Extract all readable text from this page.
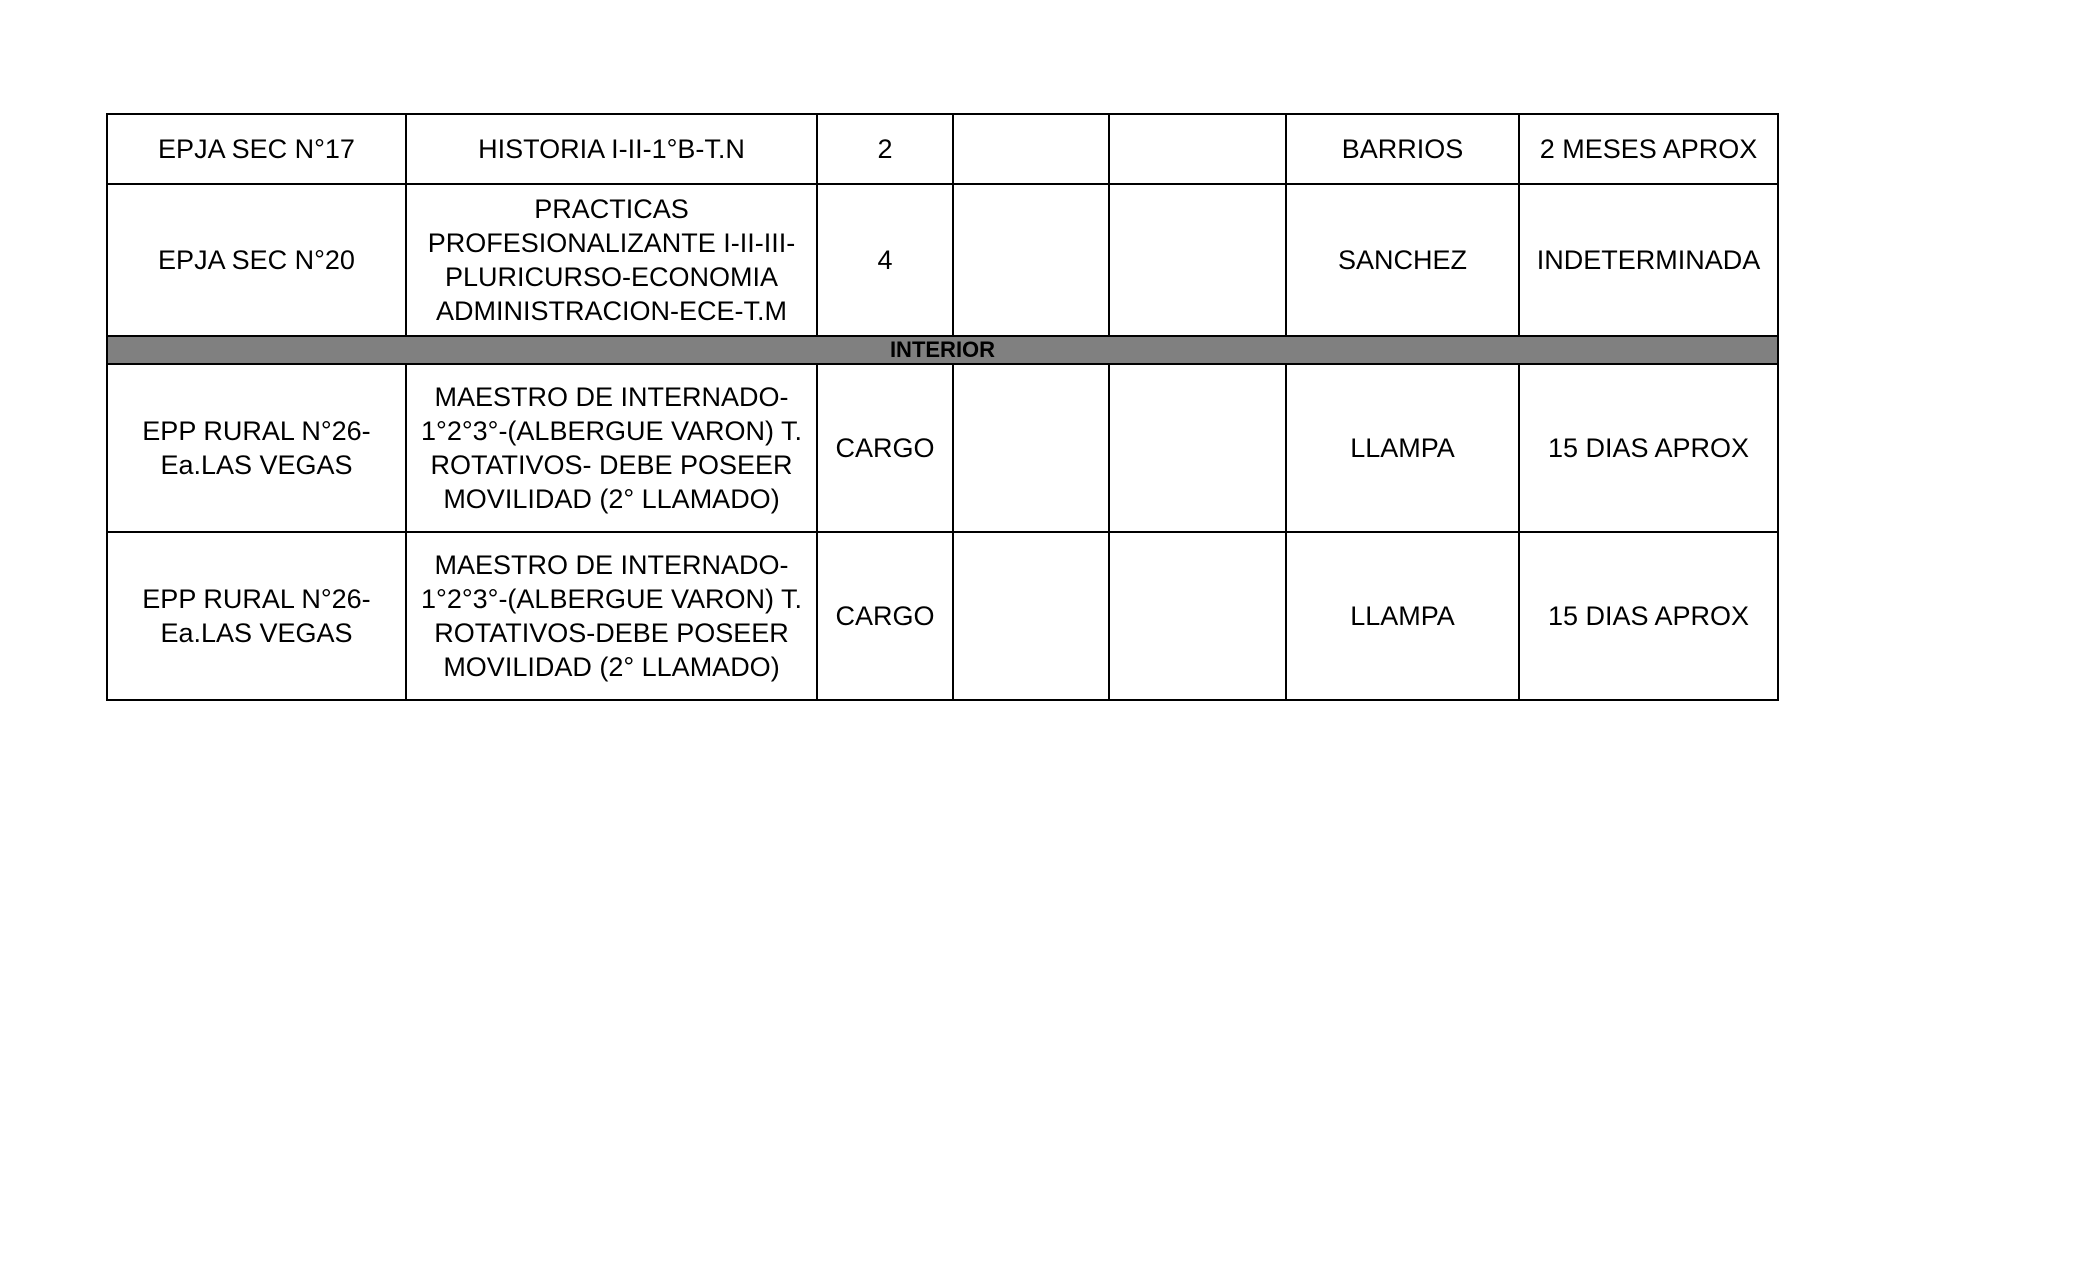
EPJA SEC N°17	HISTORIA I-II-1°B-T.N	2			BARRIOS	2 MESES APROX
EPJA SEC N°20	PRACTICAS
PROFESIONALIZANTE I-II-III-
PLURICURSO-ECONOMIA
ADMINISTRACION-ECE-T.M	4			SANCHEZ	INDETERMINADA
INTERIOR						
EPP RURAL N°26-
Ea.LAS VEGAS	MAESTRO DE INTERNADO-
1°2°3°-(ALBERGUE VARON) T.
ROTATIVOS- DEBE POSEER
MOVILIDAD (2° LLAMADO)	CARGO			LLAMPA	15 DIAS APROX
EPP RURAL N°26-
Ea.LAS VEGAS	MAESTRO DE INTERNADO-
1°2°3°-(ALBERGUE VARON) T.
ROTATIVOS-DEBE POSEER
MOVILIDAD (2° LLAMADO)	CARGO			LLAMPA	15 DIAS APROX
